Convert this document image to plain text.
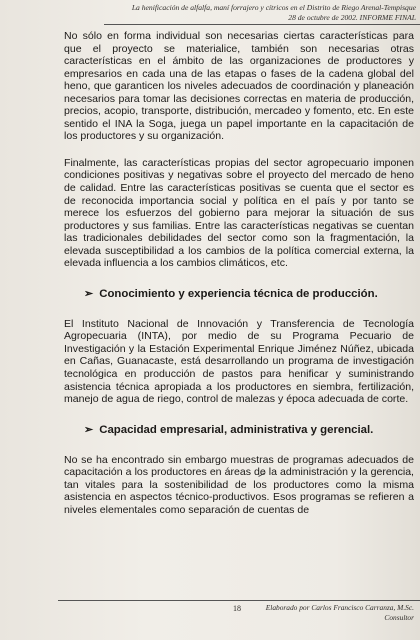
La henificación de alfalfa, maní forrajero y cítricos en el Distrito de Riego Arenal-Tempisque
28 de octubre de 2002. INFORME FINAL

No sólo en forma individual son necesarias ciertas características para que el proyecto se materialice, también son necesarias otras características en el ámbito de las organizaciones de productores y empresarios en cada una de las etapas o fases de la cadena global del heno, que garanticen los niveles adecuados de coordinación y planeación necesarios para tomar las decisiones correctas en materia de producción, precios, acopio, transporte, distribución, mercadeo y fomento, etc. En este sentido el INA la Soga, juega un papel importante en la capacitación de los productores y su organización.

Finalmente, las características propias del sector agropecuario imponen condiciones positivas y negativas sobre el proyecto del mercado de heno de calidad. Entre las características positivas se cuenta que el sector es de reconocida importancia social y política en el país y por tanto se merece los esfuerzos del gobierno para mejorar la situación de sus productores y sus familias. Entre las características negativas se cuentan las tradicionales debilidades del sector como son la fragmentación, la elevada susceptibilidad a los cambios de la política comercial externa, la elevada influencia a los cambios climáticos, etc.

➢ Conocimiento y experiencia técnica de producción.

El Instituto Nacional de Innovación y Transferencia de Tecnología Agropecuaria (INTA), por medio de su Programa Pecuario de Investigación y la Estación Experimental Enrique Jiménez Núñez, ubicada en Cañas, Guanacaste, está desarrollando un programa de investigación tecnológica en producción de pastos para henificar y suministrando asistencia técnica apropiada a los productores en siembra, fertilización, manejo de agua de riego, control de malezas y época adecuada de corte.

➢ Capacidad empresarial, administrativa y gerencial.

No se ha encontrado sin embargo muestras de programas adecuados de capacitación a los productores en áreas de la administración y la gerencia, tan vitales para la sostenibilidad de los productores como la misma asistencia en aspectos técnico-productivos. Esos programas se refieren a niveles elementales como separación de cuentas de

18	Elaborado por Carlos Francisco Carranza, M.Sc.
Consultor
